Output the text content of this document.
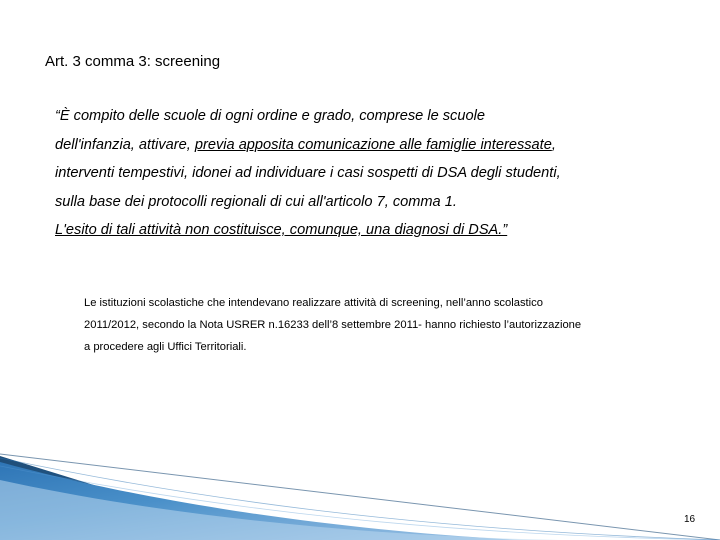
Art. 3 comma 3: screening
“È compito delle scuole di ogni ordine e grado, comprese le scuole
dell'infanzia, attivare, previa apposita comunicazione alle famiglie interessate,
interventi tempestivi, idonei ad individuare i casi sospetti di DSA degli studenti,
sulla base dei protocolli regionali di cui all'articolo 7, comma 1.
L'esito di tali attività non costituisce, comunque, una diagnosi di DSA.”
Le istituzioni scolastiche che intendevano realizzare attività di screening, nell’anno scolastico
2011/2012, secondo la Nota USRER n.16233 dell’8 settembre 2011- hanno richiesto l’autorizzazione
a procedere agli Uffici Territoriali.
16
